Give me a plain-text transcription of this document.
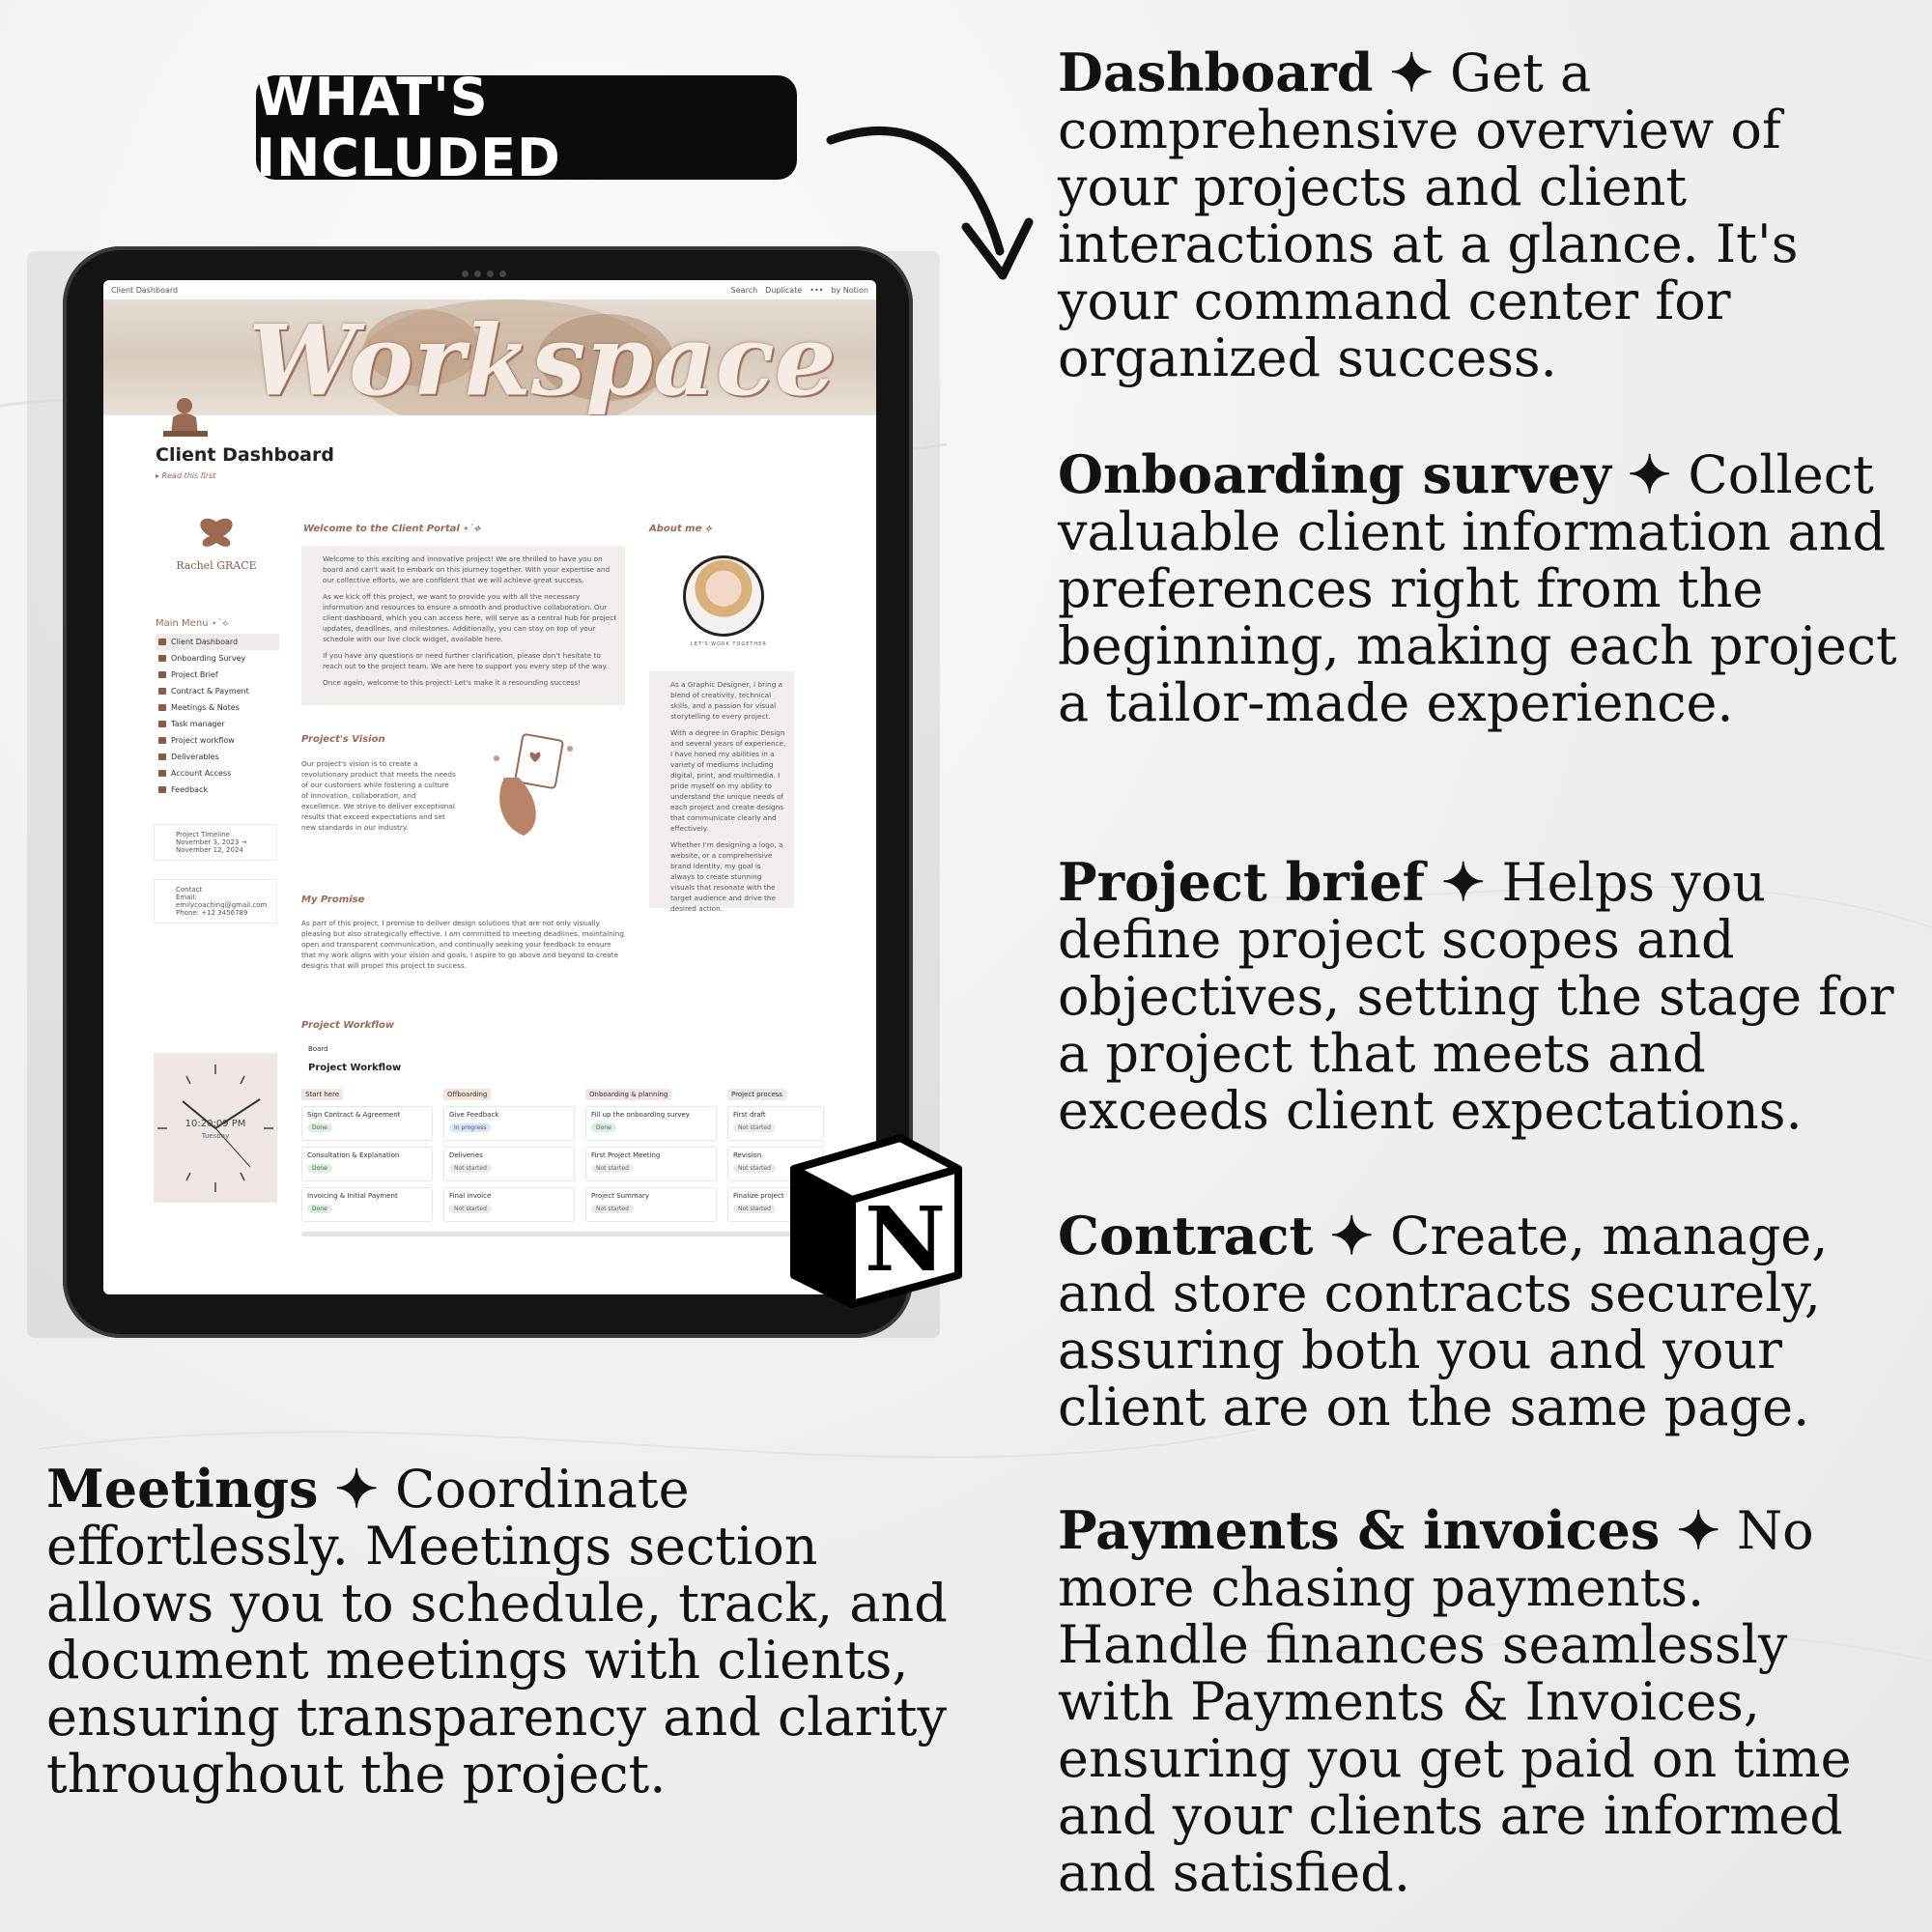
WHAT'S INCLUDED
Dashboard ✦ Get a comprehensive overview of your projects and client interactions at a glance. It's your command center for organized success.
Onboarding survey ✦ Collect valuable client information and preferences right from the beginning, making each project a tailor-made experience.
Project brief ✦ Helps you define project scopes and objectives, setting the stage for a project that meets and exceeds client expectations.
Contract ✦ Create, manage, and store contracts securely, assuring both you and your client are on the same page.
Payments & invoices ✦ No more chasing payments. Handle finances seamlessly with Payments & Invoices, ensuring you get paid on time and your clients are informed and satisfied.
Meetings ✦ Coordinate effortlessly. Meetings section allows you to schedule, track, and document meetings with clients, ensuring transparency and clarity throughout the project.
Client Dashboard	Search Duplicate ••• by Notion
Workspace
Client Dashboard
▸ Read this first
Rachel GRACE
Main Menu ⋆˙⟡
Client Dashboard
Onboarding Survey
Project Brief
Contract & Payment
Meetings & Notes
Task manager
Project workflow
Deliverables
Account Access
Feedback
Project Timeline
November 3, 2023 →
November 12, 2024
Contact
Email:
emilycoaching@gmail.com
Phone: +12 3456789
10:20:09 PM
Tuesday
Welcome to the Client Portal ⋆˙⟡

Welcome to this exciting and innovative project! We are thrilled to have you on board and can't wait to embark on this journey together. With your expertise and our collective efforts, we are confident that we will achieve great success.

As we kick off this project, we want to provide you with all the necessary information and resources to ensure a smooth and productive collaboration. Our client dashboard, which you can access here, will serve as a central hub for project updates, deadlines, and milestones. Additionally, you can stay on top of your schedule with our live clock widget, available here.

If you have any questions or need further clarification, please don't hesitate to reach out to the project team. We are here to support you every step of the way.

Once again, welcome to this project! Let's make it a resounding success!

About me ⟡
LET'S WORK TOGETHER

As a Graphic Designer, I bring a blend of creativity, technical skills, and a passion for visual storytelling to every project.

With a degree in Graphic Design and several years of experience, I have honed my abilities in a variety of mediums including digital, print, and multimedia. I pride myself on my ability to understand the unique needs of each project and create designs that communicate clearly and effectively.

Whether I'm designing a logo, a website, or a comprehensive brand identity, my goal is always to create stunning visuals that resonate with the target audience and drive the desired action.

Project's Vision
Our project's vision is to create a revolutionary product that meets the needs of our customers while fostering a culture of innovation, collaboration, and excellence. We strive to deliver exceptional results that exceed expectations and set new standards in our industry.
My Promise
As part of this project, I promise to deliver design solutions that are not only visually pleasing but also strategically effective. I am committed to meeting deadlines, maintaining open and transparent communication, and continually seeking your feedback to ensure that my work aligns with your vision and goals. I aspire to go above and beyond to create designs that will propel this project to success.
Project Workflow
Board
Project Workflow
Start here
Sign Contract & Agreement
Done
Consultation & Explanation
Done
Invoicing & Initial Payment
Done
Offboarding
Give Feedback
In progress
Deliveries
Not started
Final invoice
Not started
Onboarding & planning
Fill up the onboarding survey
Done
First Project Meeting
Not started
Project Summary
Not started
Project process
First draft
Not started
Revision
Not started
Finalize project
Not started	N
